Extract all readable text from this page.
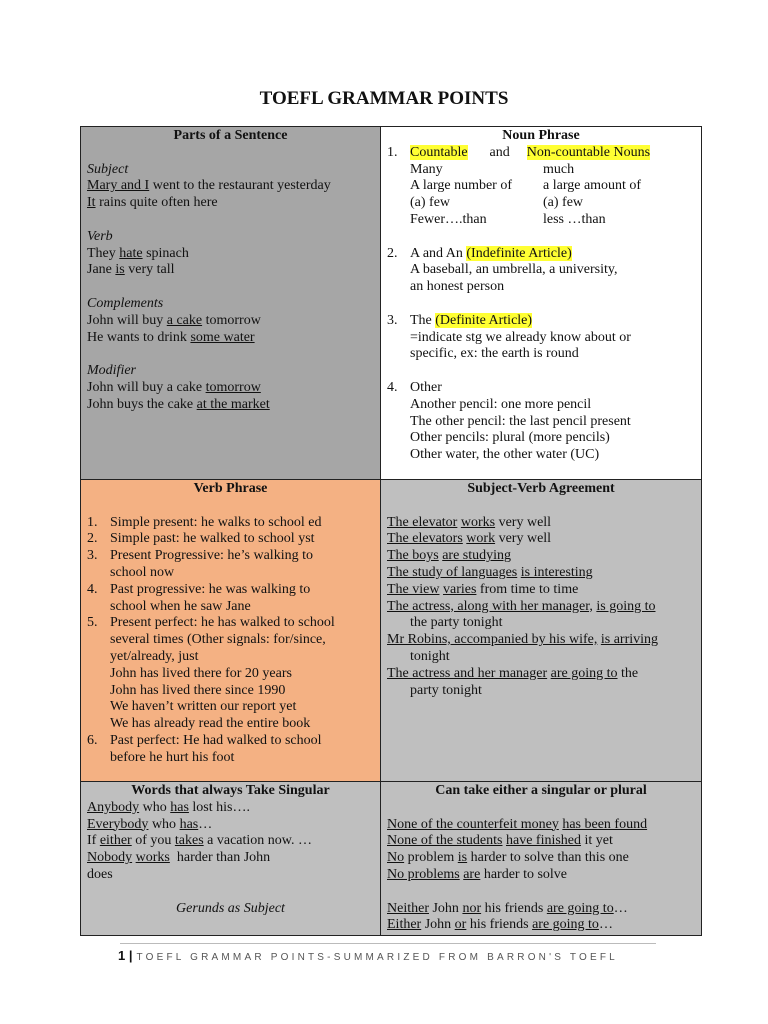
TOEFL GRAMMAR POINTS
Parts of a Sentence
Subject
Mary and I went to the restaurant yesterday
It rains quite often here
Verb
They hate spinach
Jane is very tall
Complements
John will buy a cake tomorrow
He wants to drink some water
Modifier
John will buy a cake tomorrow
John buys the cake at the market
Noun Phrase
1. Countable and Non-countable Nouns
Many	much
A large number of	a large amount of
(a) few	(a) few
Fewer….than	less …than
2. A and An (Indefinite Article)
A baseball, an umbrella, a university,
an honest person
3. The (Definite Article)
=indicate stg we already know about or
specific, ex: the earth is round
4. Other
Another pencil: one more pencil
The other pencil: the last pencil present
Other pencils: plural (more pencils)
Other water, the other water (UC)
Verb Phrase
1. Simple present: he walks to school ed
2. Simple past: he walked to school yst
3. Present Progressive: he’s walking to
school now
4. Past progressive: he was walking to
school when he saw Jane
5. Present perfect: he has walked to school
several times (Other signals: for/since,
yet/already, just
John has lived there for 20 years
John has lived there since 1990
We haven’t written our report yet
We has already read the entire book
6. Past perfect: He had walked to school
before he hurt his foot
Subject-Verb Agreement
The elevator works very well
The elevators work very well
The boys are studying
The study of languages is interesting
The view varies from time to time
The actress, along with her manager, is going to
the party tonight
Mr Robins, accompanied by his wife, is arriving
tonight
The actress and her manager are going to the
party tonight
Words that always Take Singular
Anybody who has lost his….
Everybody who has…
If either of you takes a vacation now. …
Nobody works  harder than John
does
Gerunds as Subject
Can take either a singular or plural
None of the counterfeit money has been found
None of the students have finished it yet
No problem is harder to solve than this one
No problems are harder to solve
Neither John nor his friends are going to…
Either John or his friends are going to…
1 | TOEFL GRAMMAR POINTS-SUMMARIZED FROM BARRON'S TOEFL
